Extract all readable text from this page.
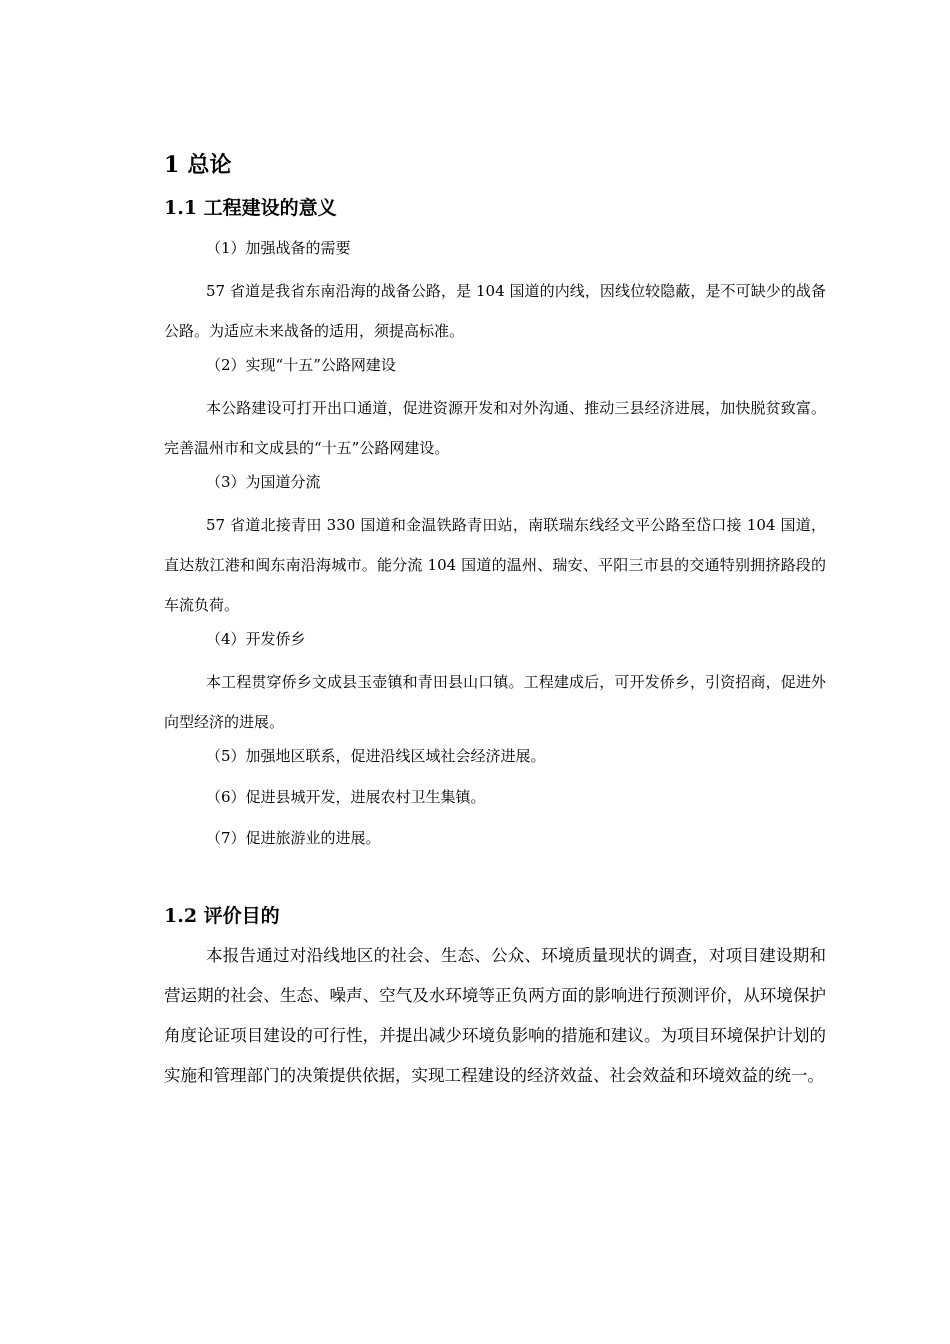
1 总论
1.1 工程建设的意义
（1）加强战备的需要
57 省道是我省东南沿海的战备公路，是 104 国道的内线，因线位较隐蔽，是不可缺少的战备公路。为适应未来战备的适用，须提高标准。
（2）实现“十五”公路网建设
本公路建设可打开出口通道，促进资源开发和对外沟通、推动三县经济进展，加快脱贫致富。完善温州市和文成县的“十五”公路网建设。
（3）为国道分流
57 省道北接青田 330 国道和金温铁路青田站，南联瑞东线经文平公路至岱口接 104 国道，直达敖江港和闽东南沿海城市。能分流 104 国道的温州、瑞安、平阳三市县的交通特别拥挤路段的车流负荷。
（4）开发侨乡
本工程贯穿侨乡文成县玉壶镇和青田县山口镇。工程建成后，可开发侨乡，引资招商，促进外向型经济的进展。
（5）加强地区联系，促进沿线区域社会经济进展。
（6）促进县城开发，进展农村卫生集镇。
（7）促进旅游业的进展。
1.2 评价目的
本报告通过对沿线地区的社会、生态、公众、环境质量现状的调查，对项目建设期和营运期的社会、生态、噪声、空气及水环境等正负两方面的影响进行预测评价，从环境保护角度论证项目建设的可行性，并提出减少环境负影响的措施和建议。为项目环境保护计划的实施和管理部门的决策提供依据，实现工程建设的经济效益、社会效益和环境效益的统一。
